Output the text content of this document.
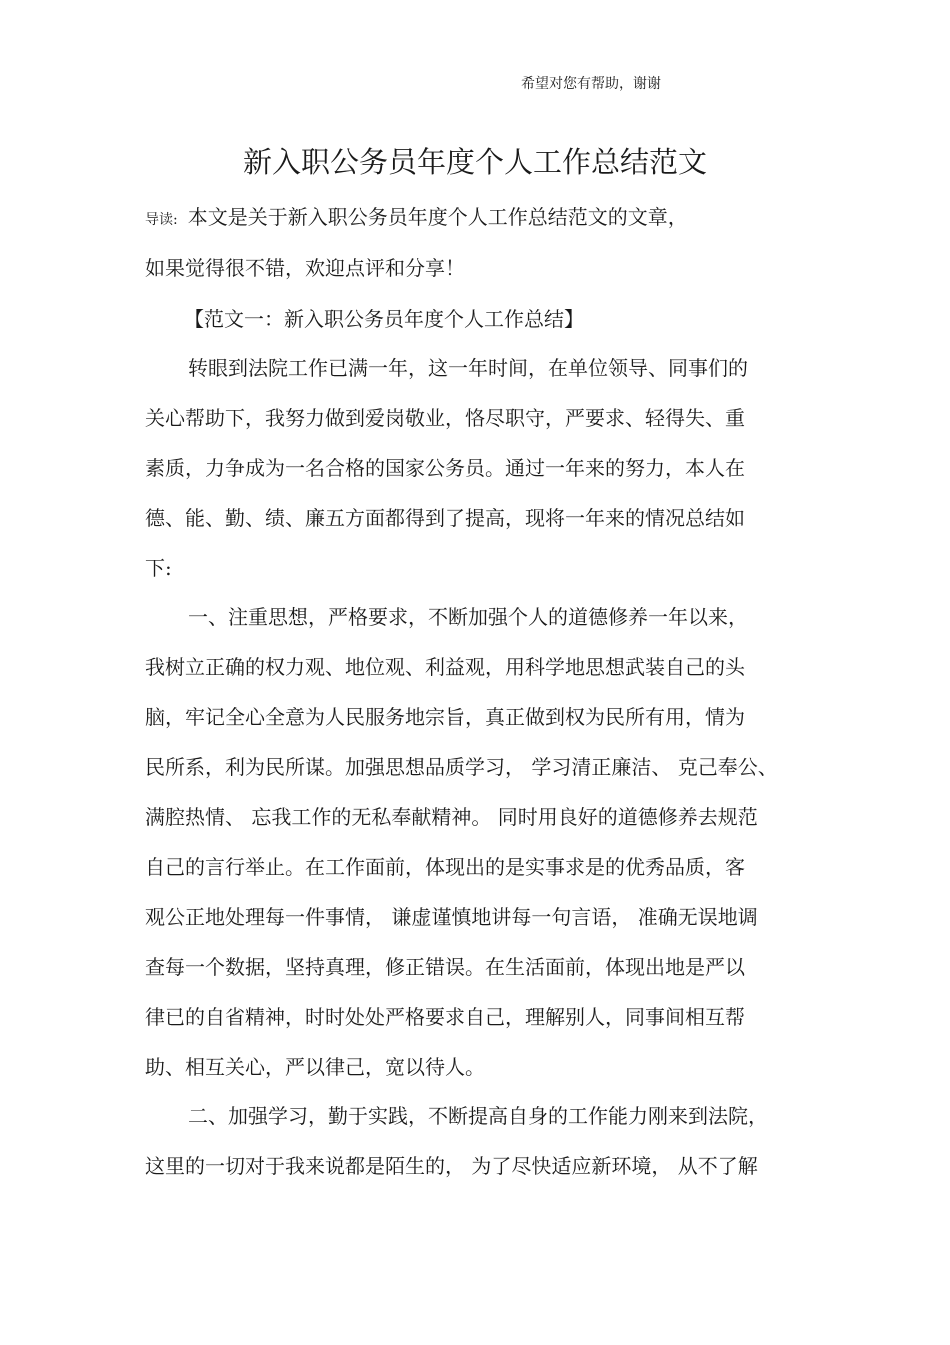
希望对您有帮助，谢谢
新入职公务员年度个人工作总结范文
导读: 本文是关于新入职公务员年度个人工作总结范文的文章，
如果觉得很不错，欢迎点评和分享！
【范文一：新入职公务员年度个人工作总结】
转眼到法院工作已满一年，这一年时间，在单位领导、同事们的
关心帮助下，我努力做到爱岗敬业，恪尽职守，严要求、轻得失、重
素质，力争成为一名合格的国家公务员。通过一年来的努力，本人在
德、能、勤、绩、廉五方面都得到了提高，现将一年来的情况总结如
下:
一、注重思想，严格要求，不断加强个人的道德修养一年以来，
我树立正确的权力观、地位观、利益观，用科学地思想武装自己的头
脑，牢记全心全意为人民服务地宗旨，真正做到权为民所有用，情为
民所系，利为民所谋。加强思想品质学习， 学习清正廉洁、 克己奉公、
满腔热情、 忘我工作的无私奉献精神。 同时用良好的道德修养去规范
自己的言行举止。在工作面前，体现出的是实事求是的优秀品质，客
观公正地处理每一件事情， 谦虚谨慎地讲每一句言语， 准确无误地调
查每一个数据，坚持真理，修正错误。在生活面前，体现出地是严以
律已的自省精神，时时处处严格要求自己，理解别人，同事间相互帮
助、相互关心，严以律己，宽以待人。
二、加强学习，勤于实践，不断提高自身的工作能力刚来到法院，
这里的一切对于我来说都是陌生的， 为了尽快适应新环境， 从不了解
